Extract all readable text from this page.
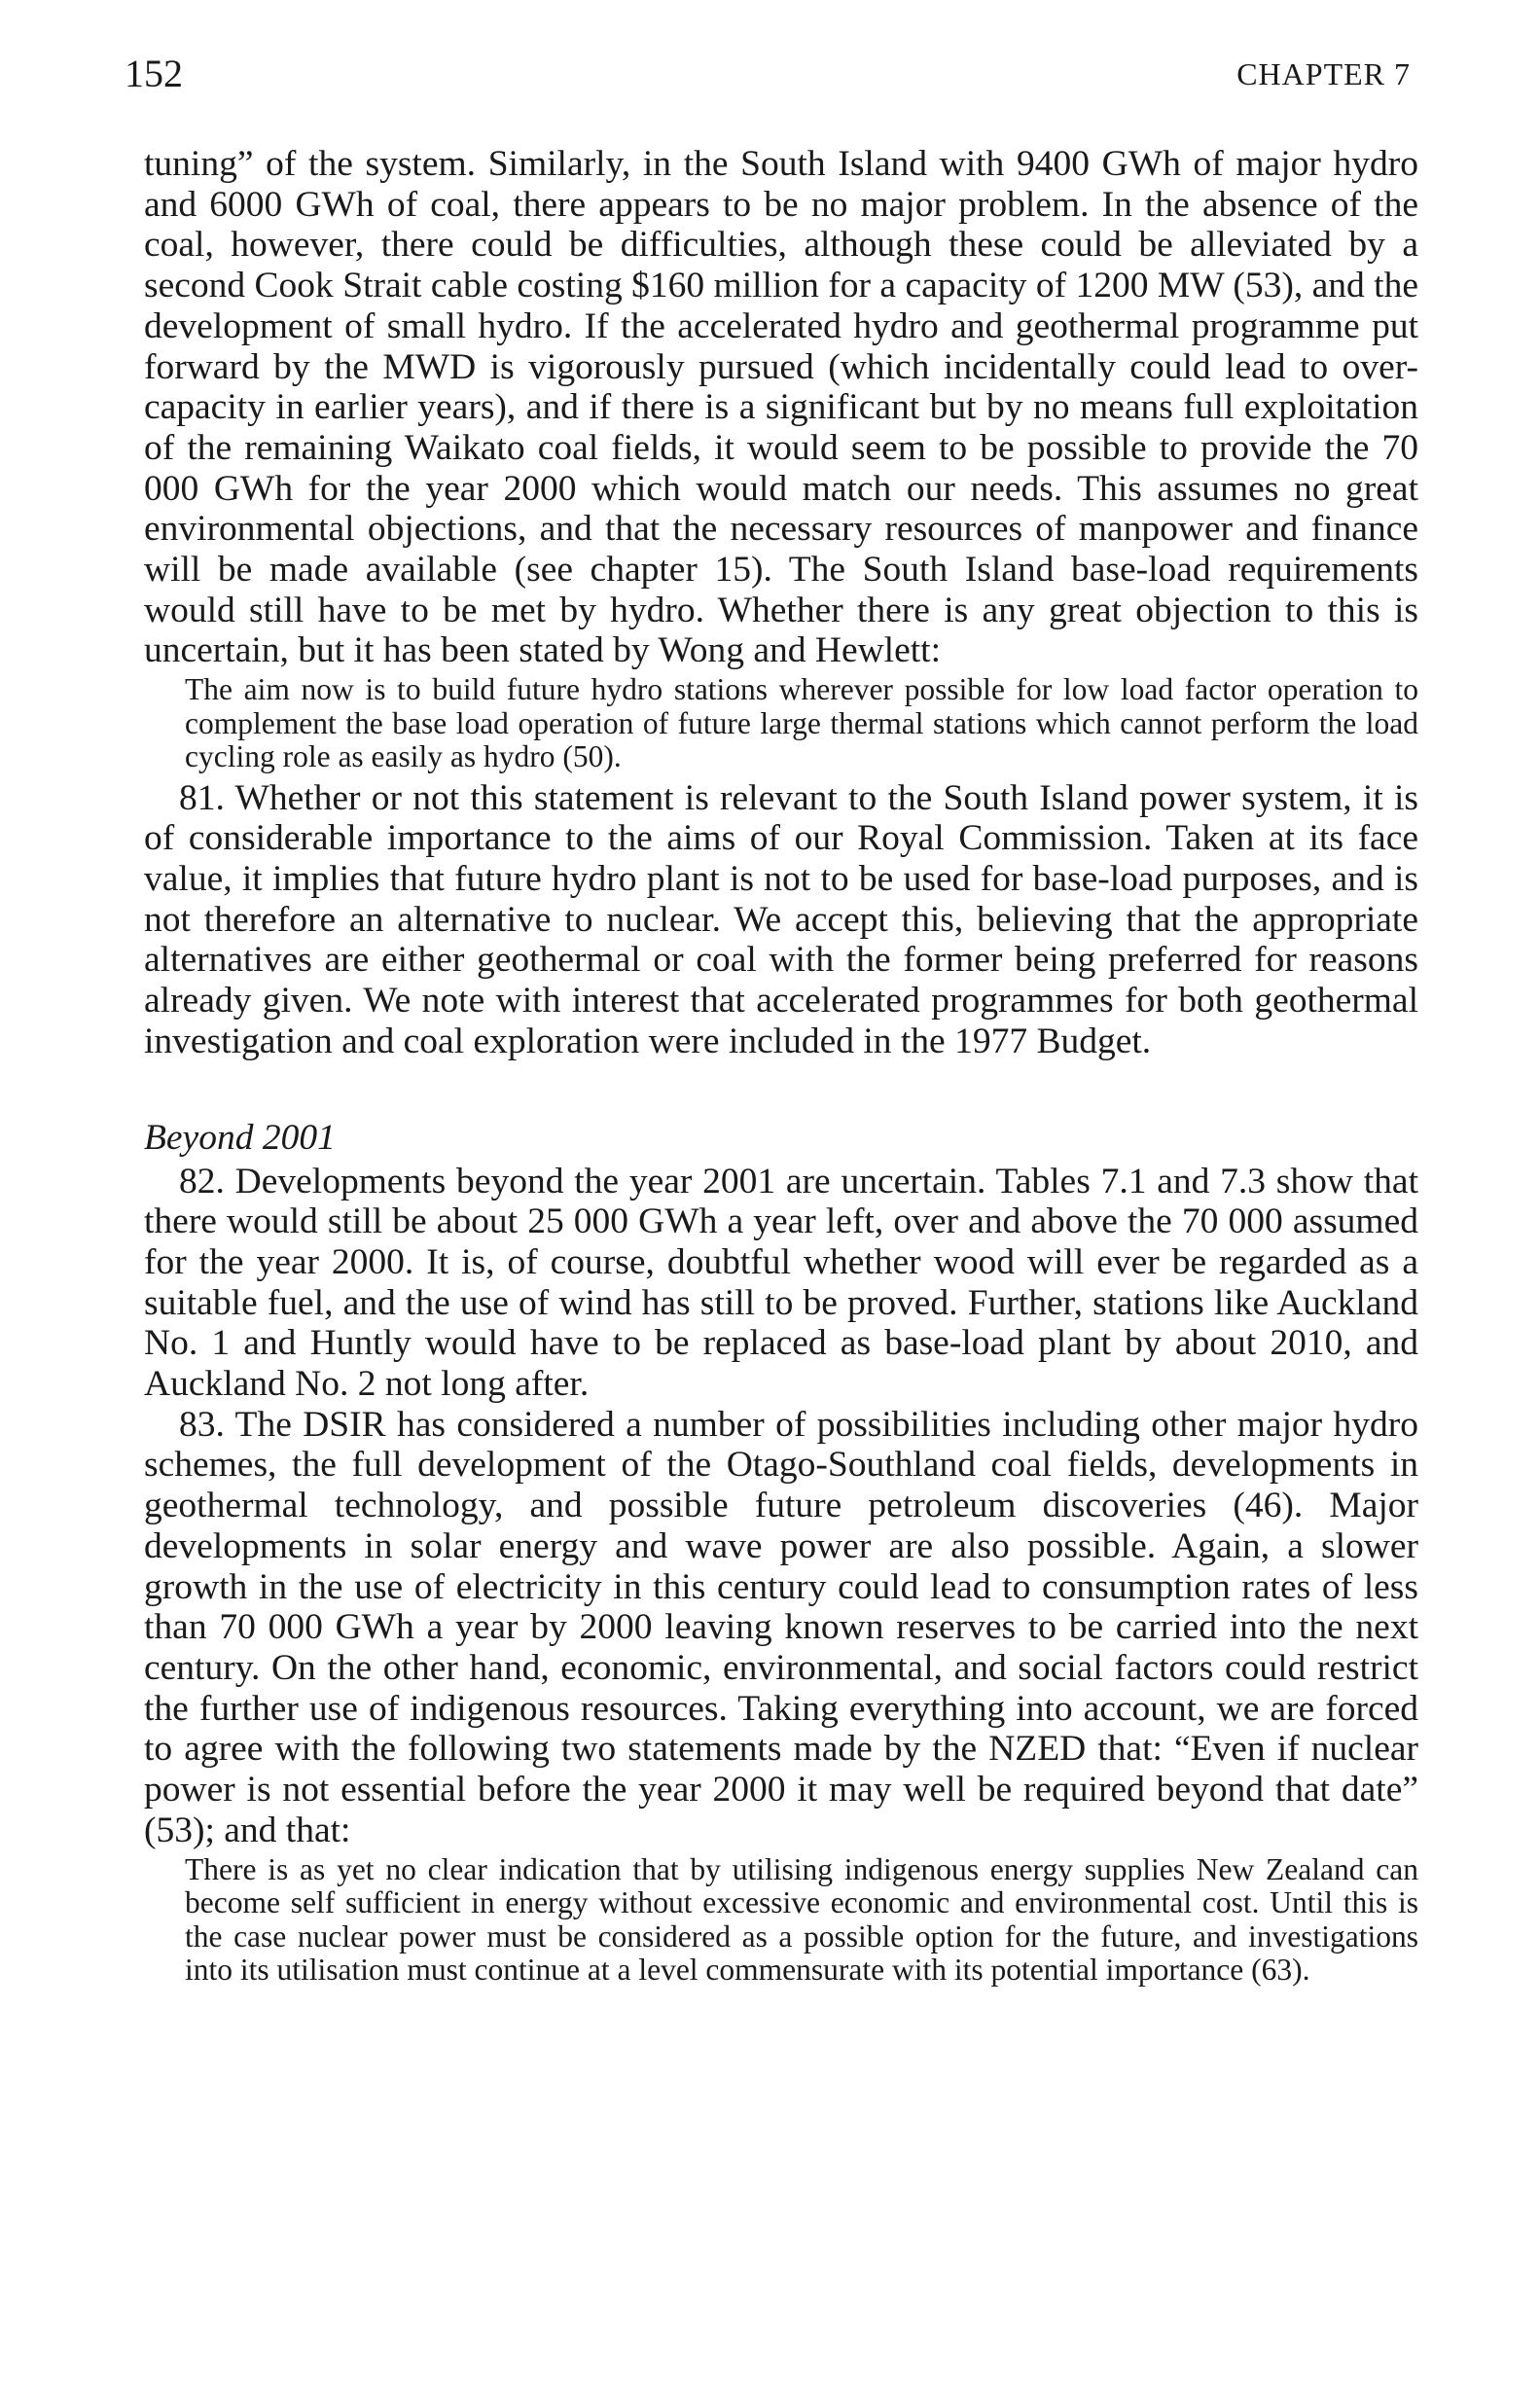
152	CHAPTER 7

tuning” of the system. Similarly, in the South Island with 9400 GWh of major hydro and 6000 GWh of coal, there appears to be no major problem. In the absence of the coal, however, there could be difficulties, although these could be alleviated by a second Cook Strait cable costing $160 million for a capacity of 1200 MW (53), and the development of small hydro. If the accelerated hydro and geothermal programme put forward by the MWD is vigorously pursued (which incidentally could lead to over-capacity in earlier years), and if there is a significant but by no means full exploitation of the remaining Waikato coal fields, it would seem to be possible to provide the 70 000 GWh for the year 2000 which would match our needs. This assumes no great environmental objections, and that the necessary resources of manpower and finance will be made available (see chapter 15). The South Island base-load requirements would still have to be met by hydro. Whether there is any great objection to this is uncertain, but it has been stated by Wong and Hewlett:

The aim now is to build future hydro stations wherever possible for low load factor operation to complement the base load operation of future large thermal stations which cannot perform the load cycling role as easily as hydro (50).

81. Whether or not this statement is relevant to the South Island power system, it is of considerable importance to the aims of our Royal Commission. Taken at its face value, it implies that future hydro plant is not to be used for base-load purposes, and is not therefore an alternative to nuclear. We accept this, believing that the appropriate alternatives are either geothermal or coal with the former being preferred for reasons already given. We note with interest that accelerated programmes for both geothermal investigation and coal exploration were included in the 1977 Budget.

Beyond 2001

82. Developments beyond the year 2001 are uncertain. Tables 7.1 and 7.3 show that there would still be about 25 000 GWh a year left, over and above the 70 000 assumed for the year 2000. It is, of course, doubtful whether wood will ever be regarded as a suitable fuel, and the use of wind has still to be proved. Further, stations like Auckland No. 1 and Huntly would have to be replaced as base-load plant by about 2010, and Auckland No. 2 not long after.

83. The DSIR has considered a number of possibilities including other major hydro schemes, the full development of the Otago-Southland coal fields, developments in geothermal technology, and possible future petroleum discoveries (46). Major developments in solar energy and wave power are also possible. Again, a slower growth in the use of electricity in this century could lead to consumption rates of less than 70 000 GWh a year by 2000 leaving known reserves to be carried into the next century. On the other hand, economic, environmental, and social factors could restrict the further use of indigenous resources. Taking everything into account, we are forced to agree with the following two statements made by the NZED that: “Even if nuclear power is not essential before the year 2000 it may well be required beyond that date” (53); and that:

There is as yet no clear indication that by utilising indigenous energy supplies New Zealand can become self sufficient in energy without excessive economic and environmental cost. Until this is the case nuclear power must be considered as a possible option for the future, and investigations into its utilisation must continue at a level commensurate with its potential importance (63).
